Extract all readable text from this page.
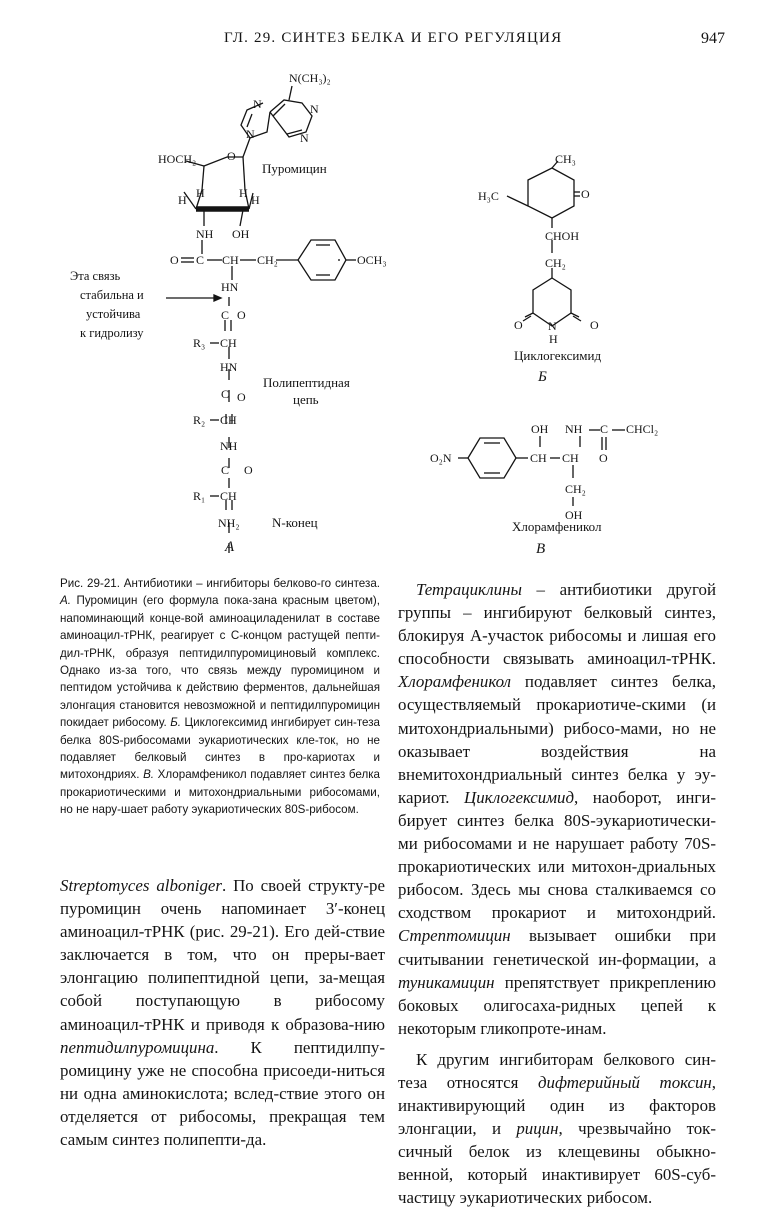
ГЛ. 29. СИНТЕЗ БЕЛКА И ЕГО РЕГУЛЯЦИЯ	947
N(CH₃)₂
N	N
N
N
HOCH₂	O
Пуромицин
H	H
H	H
NH OH
O C CH CH₂	OCH₃
HN
C O
R₃ CH
HN
C O
R₂ CH
NH
C O
R₁ CH
NH₂ N-конец
А
Эта связь
стабильна и
устойчива
к гидролизу
Полипептидная
цепь
CH₃
H₃C	O
CHOH
CH₂
O N	O
H
Циклогексимид
Б
OH NH C CHCl₂
O₂N	CH CH O
CH₂
OH
Хлорамфеникол
В
Рис. 29-21. Антибиотики – ингибиторы белково-го синтеза. А. Пуромицин (его формула пока-зана красным цветом), напоминающий конце-вой аминоациладенилат в составе аминоацил-тРНК, реагирует с С-концом растущей пепти-дил-тРНК, образуя пептидилпуромициновый комплекс. Однако из-за того, что связь между пуромицином и пептидом устойчива к действию ферментов, дальнейшая элонгация становится невозможной и пептидилпуромицин покидает рибосому. Б. Циклогексимид ингибирует син-теза белка 80S-рибосомами эукариотических кле-ток, но не подавляет белковый синтез в про-кариотах и митохондриях. В. Хлорамфеникол подавляет синтез белка прокариотическими и митохондриальными рибосомами, но не нару-шает работу эукариотических 80S-рибосом.

Streptomyces alboniger. По своей структу-ре пуромицин очень напоминает 3′-конец аминоацил-тРНК (рис. 29-21). Его дей-ствие заключается в том, что он преры-вает элонгацию полипептидной цепи, за-мещая собой поступающую в рибосому аминоацил-тРНК и приводя к образова-нию пептидилпуромицина. К пептидилпу-ромицину уже не способна присоеди-ниться ни одна аминокислота; вслед-ствие этого он отделяется от рибосомы, прекращая тем самым синтез полипепти-да.

Тетрациклины – антибиотики другой группы – ингибируют белковый синтез, блокируя А-участок рибосомы и лишая его способности связывать аминоацил-тРНК. Хлорамфеникол подавляет синтез белка, осуществляемый прокариотиче-скими (и митохондриальными) рибосо-мами, но не оказывает воздействия на внемитохондриальный синтез белка у эу-кариот. Циклогексимид, наоборот, инги-бирует синтез белка 80S-эукариотически-ми рибосомами и не нарушает работу 70S-прокариотических или митохон-дриальных рибосом. Здесь мы снова сталкиваемся со сходством прокариот и митохондрий. Стрептомицин вызывает ошибки при считывании генетической ин-формации, а туникамицин препятствует прикреплению боковых олигосаха-ридных цепей к некоторым гликопроте-инам.

К другим ингибиторам белкового син-теза относятся дифтерийный токсин, инактивирующий один из факторов элонгации, и рицин, чрезвычайно ток-сичный белок из клещевины обыкно-венной, который инактивирует 60S-суб-частицу эукариотических рибосом.
